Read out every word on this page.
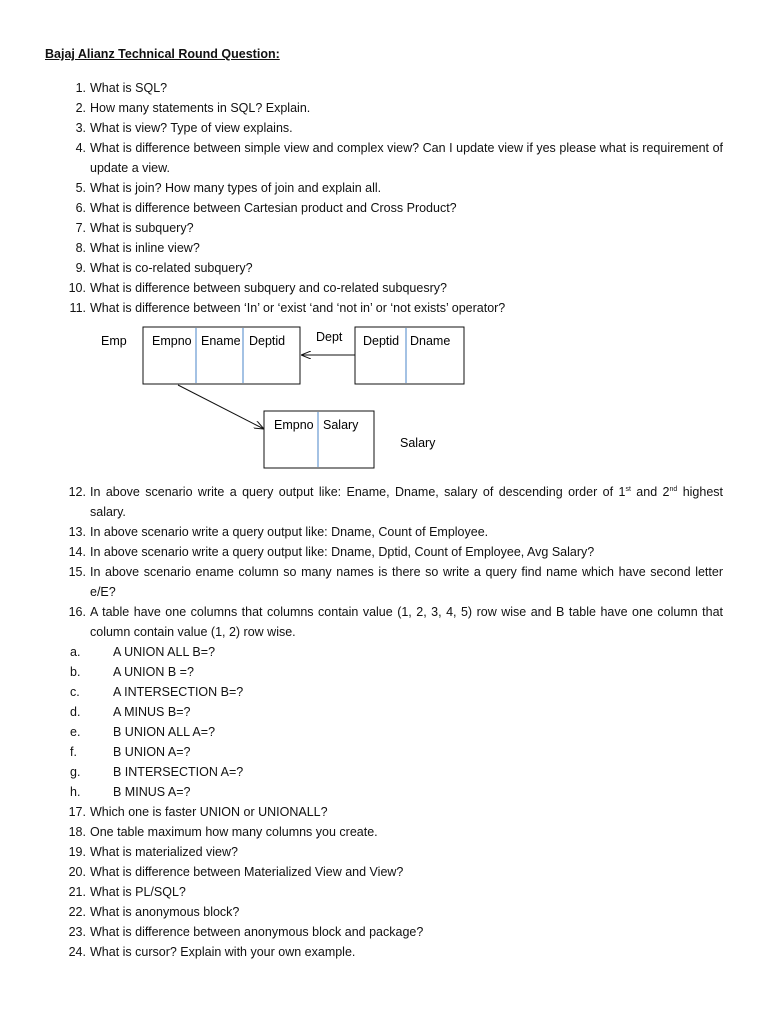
Bajaj Alianz Technical Round Question:
1. What is SQL?
2. How many statements in SQL? Explain.
3. What is view? Type of view explains.
4. What is difference between simple view and complex view? Can I update view if yes please what is requirement of update a view.
5. What is join? How many types of join and explain all.
6. What is difference between Cartesian product and Cross Product?
7. What is subquery?
8. What is inline view?
9. What is co-related subquery?
10. What is difference between subquery and co-related subquesry?
11. What is difference between ‘In’ or ‘exist ‘and ‘not in’ or ‘not exists’ operator?
Emp Empno Ename Deptid Dept Deptid Dname
Empno Salary
Salary
12. In above scenario write a query output like: Ename, Dname, salary of descending order of 1st and 2nd highest salary.
13. In above scenario write a query output like: Dname, Count of Employee.
14. In above scenario write a query output like: Dname, Dptid, Count of Employee, Avg Salary?
15. In above scenario ename column so many names is there so write a query find name which have second letter e/E?
16. A table have one columns that columns contain value (1, 2, 3, 4, 5) row wise and B table have one column that column contain value (1, 2) row wise.
a.	A UNION ALL B=?
b.	A UNION B =?
c.	A INTERSECTION B=?
d.	A MINUS B=?
e.	B UNION ALL A=?
f.	B UNION A=?
g.	B INTERSECTION A=?
h.	B MINUS A=?
17. Which one is faster UNION or UNIONALL?
18. One table maximum how many columns you create.
19. What is materialized view?
20. What is difference between Materialized View and View?
21. What is PL/SQL?
22. What is anonymous block?
23. What is difference between anonymous block and package?
24. What is cursor? Explain with your own example.
